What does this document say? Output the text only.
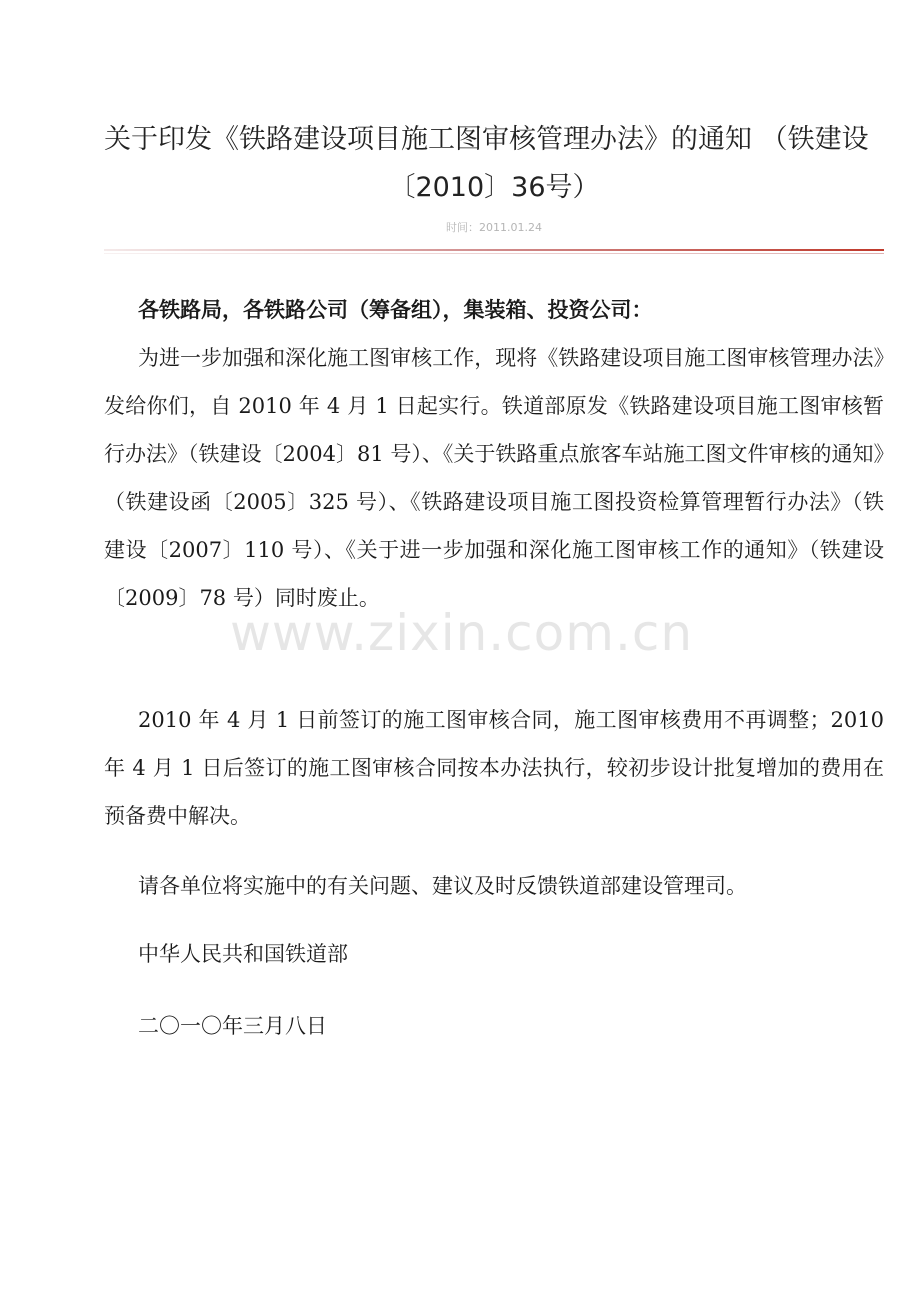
关于印发《铁路建设项目施工图审核管理办法》的通知 （铁建设
〔2010〕36号）
时间：2011.01.24

各铁路局，各铁路公司（筹备组），集装箱、投资公司：

为进一步加强和深化施工图审核工作，现将《铁路建设项目施工图审核管理办法》发给你们，自 2010 年 4 月 1 日起实行。铁道部原发《铁路建设项目施工图审核暂行办法》（铁建设〔2004〕81 号）、《关于铁路重点旅客车站施工图文件审核的通知》（铁建设函〔2005〕325 号）、《铁路建设项目施工图投资检算管理暂行办法》（铁建设〔2007〕110 号）、《关于进一步加强和深化施工图审核工作的通知》（铁建设〔2009〕78 号）同时废止。

2010 年 4 月 1 日前签订的施工图审核合同，施工图审核费用不再调整；2010 年 4 月 1 日后签订的施工图审核合同按本办法执行，较初步设计批复增加的费用在预备费中解决。

请各单位将实施中的有关问题、建议及时反馈铁道部建设管理司。

中华人民共和国铁道部

二〇一〇年三月八日

www.zixin.com.cn
